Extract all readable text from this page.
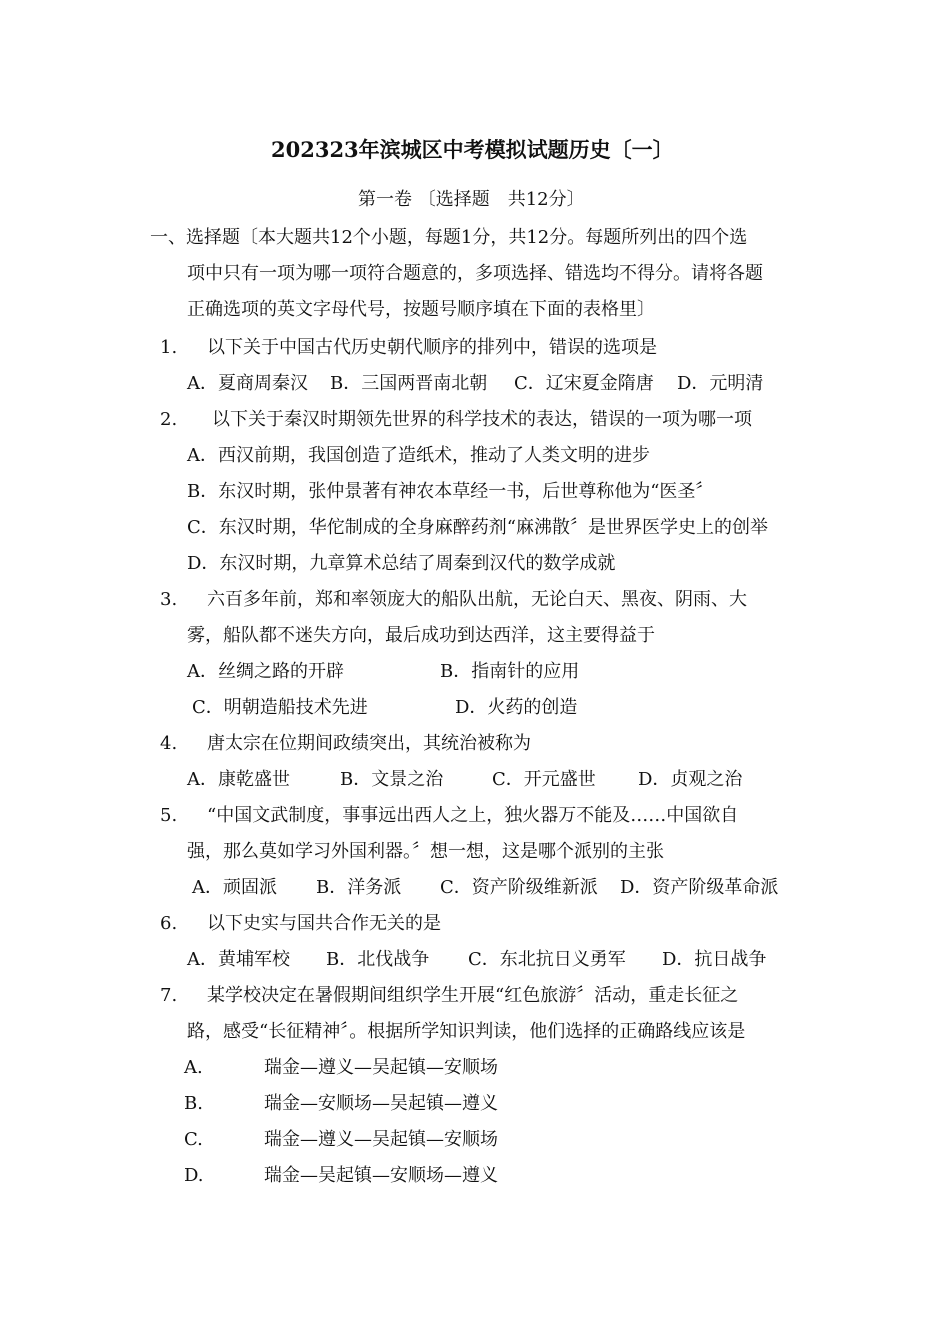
202323年滨城区中考模拟试题历史〔一〕
第一卷 〔选择题　共12分〕
一、选择题〔本大题共12个小题，每题1分，共12分。每题所列出的四个选
项中只有一项为哪一项符合题意的，多项选择、错选均不得分。请将各题
正确选项的英文字母代号，按题号顺序填在下面的表格里〕
1. 以下关于中国古代历史朝代顺序的排列中，错误的选项是
A．夏商周秦汉 B．三国两晋南北朝 C．辽宋夏金隋唐 D．元明清
2. 以下关于秦汉时期领先世界的科学技术的表达，错误的一项为哪一项
A．西汉前期，我国创造了造纸术，推动了人类文明的进步
B．东汉时期，张仲景著有神农本草经一书，后世尊称他为“医圣〞
C．东汉时期，华佗制成的全身麻醉药剂“麻沸散〞是世界医学史上的创举
D．东汉时期，九章算术总结了周秦到汉代的数学成就
3. 六百多年前，郑和率领庞大的船队出航，无论白天、黑夜、阴雨、大
雾，船队都不迷失方向，最后成功到达西洋，这主要得益于
A．丝绸之路的开辟	B．指南针的应用
C．明朝造船技术先进	D．火药的创造
4. 唐太宗在位期间政绩突出，其统治被称为
A．康乾盛世	B．文景之治	C．开元盛世 D．贞观之治
5. “中国文武制度，事事远出西人之上，独火器万不能及……中国欲自
强，那么莫如学习外国利器。〞想一想，这是哪个派别的主张
A．顽固派 B．洋务派 C．资产阶级维新派 D．资产阶级革命派
6. 以下史实与国共合作无关的是
A．黄埔军校 B．北伐战争 C．东北抗日义勇军 D．抗日战争
7. 某学校决定在暑假期间组织学生开展“红色旅游〞活动，重走长征之
路，感受“长征精神〞。根据所学知识判读，他们选择的正确路线应该是
A.	瑞金—遵义—吴起镇—安顺场
B.	瑞金—安顺场—吴起镇—遵义
C.	瑞金—遵义—吴起镇—安顺场
D.	瑞金—吴起镇—安顺场—遵义
